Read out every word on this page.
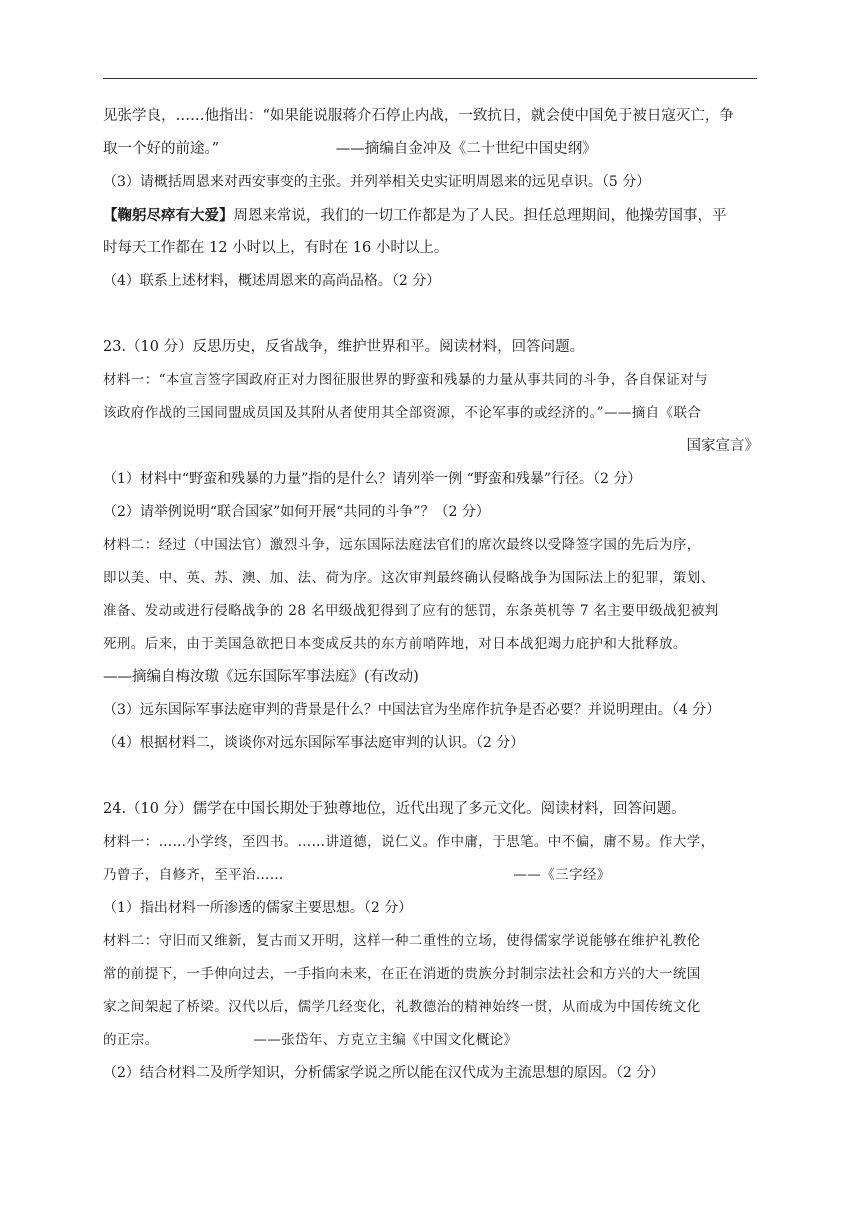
见张学良，……他指出：“如果能说服蒋介石停止内战，一致抗日，就会使中国免于被日寇灭亡，争
取一个好的前途。”	——摘编自金冲及《二十世纪中国史纲》
（3）请概括周恩来对西安事变的主张。并列举相关史实证明周恩来的远见卓识。（5 分）
【鞠躬尽瘁有大爱】周恩来常说，我们的一切工作都是为了人民。担任总理期间，他操劳国事，平
时每天工作都在 12 小时以上，有时在 16 小时以上。
（4）联系上述材料，概述周恩来的高尚品格。（2 分）
23.（10 分）反思历史，反省战争，维护世界和平。阅读材料，回答问题。
材料一：“本宣言签字国政府正对力图征服世界的野蛮和残暴的力量从事共同的斗争，各自保证对与
该政府作战的三国同盟成员国及其附从者使用其全部资源，不论军事的或经济的。”——摘自《联合
国家宣言》
（1）材料中“野蛮和残暴的力量”指的是什么？请列举一例 “野蛮和残暴”行径。（2 分）
（2）请举例说明“联合国家”如何开展“共同的斗争”？（2 分）
材料二：经过（中国法官）激烈斗争，远东国际法庭法官们的席次最终以受降签字国的先后为序，
即以美、中、英、苏、澳、加、法、荷为序。这次审判最终确认侵略战争为国际法上的犯罪，策划、
准备、发动或进行侵略战争的 28 名甲级战犯得到了应有的惩罚，东条英机等 7 名主要甲级战犯被判
死刑。后来，由于美国急欲把日本变成反共的东方前哨阵地，对日本战犯竭力庇护和大批释放。
——摘编自梅汝璈《远东国际军事法庭》(有改动)
（3）远东国际军事法庭审判的背景是什么？中国法官为坐席作抗争是否必要？并说明理由。（4 分）
（4）根据材料二，谈谈你对远东国际军事法庭审判的认识。（2 分）
24.（10 分）儒学在中国长期处于独尊地位，近代出现了多元文化。阅读材料，回答问题。
材料一：……小学终，至四书。……讲道德，说仁义。作中庸，于思笔。中不偏，庸不易。作大学，
乃曾子，自修齐，至平治……	——《三字经》
（1）指出材料一所渗透的儒家主要思想。（2 分）
材料二：守旧而又维新，复古而又开明，这样一种二重性的立场，使得儒家学说能够在维护礼教伦
常的前提下，一手伸向过去，一手指向未来，在正在消逝的贵族分封制宗法社会和方兴的大一统国
家之间架起了桥梁。汉代以后，儒学几经变化，礼教德治的精神始终一贯，从而成为中国传统文化
的正宗。	——张岱年、方克立主编《中国文化概论》
（2）结合材料二及所学知识，分析儒家学说之所以能在汉代成为主流思想的原因。（2 分）
